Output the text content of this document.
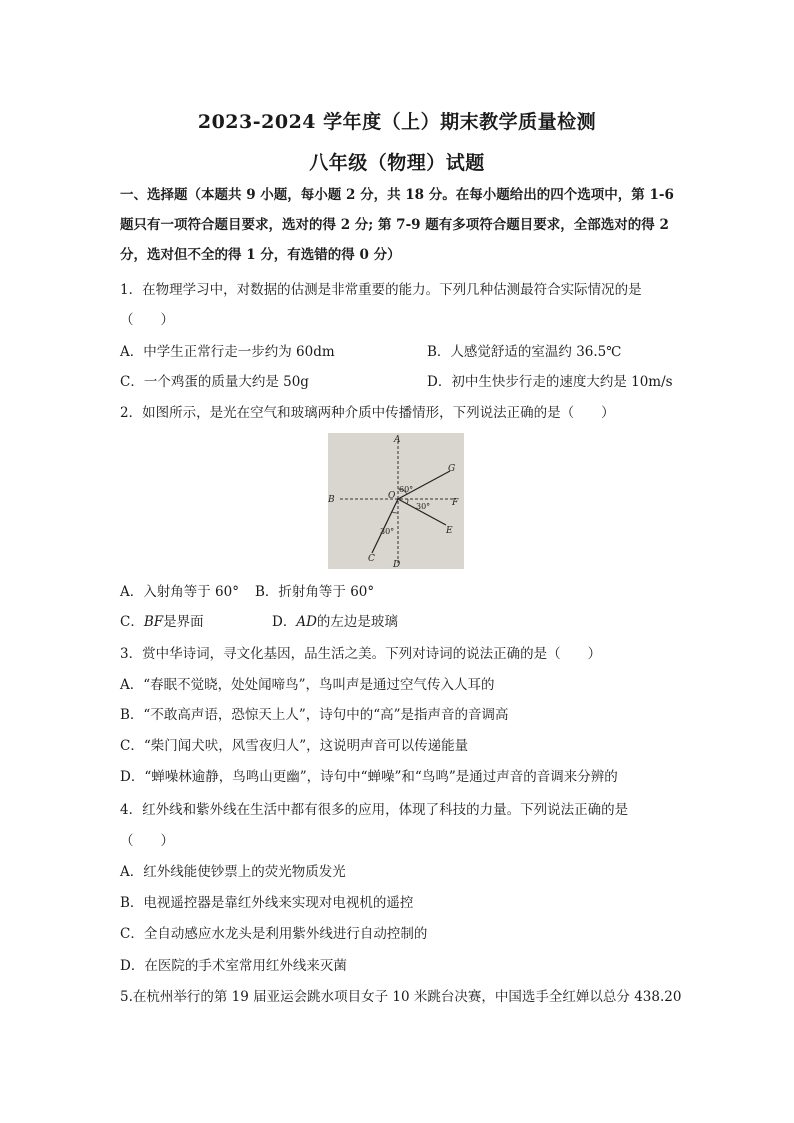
2023-2024 学年度（上）期末教学质量检测
八年级（物理）试题
一、选择题（本题共 9 小题，每小题 2 分，共 18 分。在每小题给出的四个选项中，第 1-6
题只有一项符合题目要求，选对的得 2 分; 第 7-9 题有多项符合题目要求，全部选对的得 2
分，选对但不全的得 1 分，有选错的得 0 分）
1．在物理学习中，对数据的估测是非常重要的能力。下列几种估测最符合实际情况的是
（　　）
A．中学生正常行走一步约为 60dm	B．人感觉舒适的室温约 36.5℃
C．一个鸡蛋的质量大约是 50g	D．初中生快步行走的速度大约是 10m/s
2．如图所示，是光在空气和玻璃两种介质中传播情形，下列说法正确的是（　　）
A
B	F
G
E
C
D
O
60°
30°
30°
A．入射角等于 60° B．折射角等于 60°
C．BF是界面	D．AD的左边是玻璃
3．赏中华诗词，寻文化基因，品生活之美。下列对诗词的说法正确的是（　　）
A．“春眠不觉晓，处处闻啼鸟”，鸟叫声是通过空气传入人耳的
B．“不敢高声语，恐惊天上人”，诗句中的“高”是指声音的音调高
C．“柴门闻犬吠，风雪夜归人”，这说明声音可以传递能量
D．“蝉噪林逾静，鸟鸣山更幽”，诗句中“蝉噪”和“鸟鸣”是通过声音的音调来分辨的
4．红外线和紫外线在生活中都有很多的应用，体现了科技的力量。下列说法正确的是
（　　）
A．红外线能使钞票上的荧光物质发光
B．电视遥控器是靠红外线来实现对电视机的遥控
C．全自动感应水龙头是利用紫外线进行自动控制的
D．在医院的手术室常用红外线来灭菌
5.在杭州举行的第 19 届亚运会跳水项目女子 10 米跳台决赛，中国选手全红婵以总分 438.20
